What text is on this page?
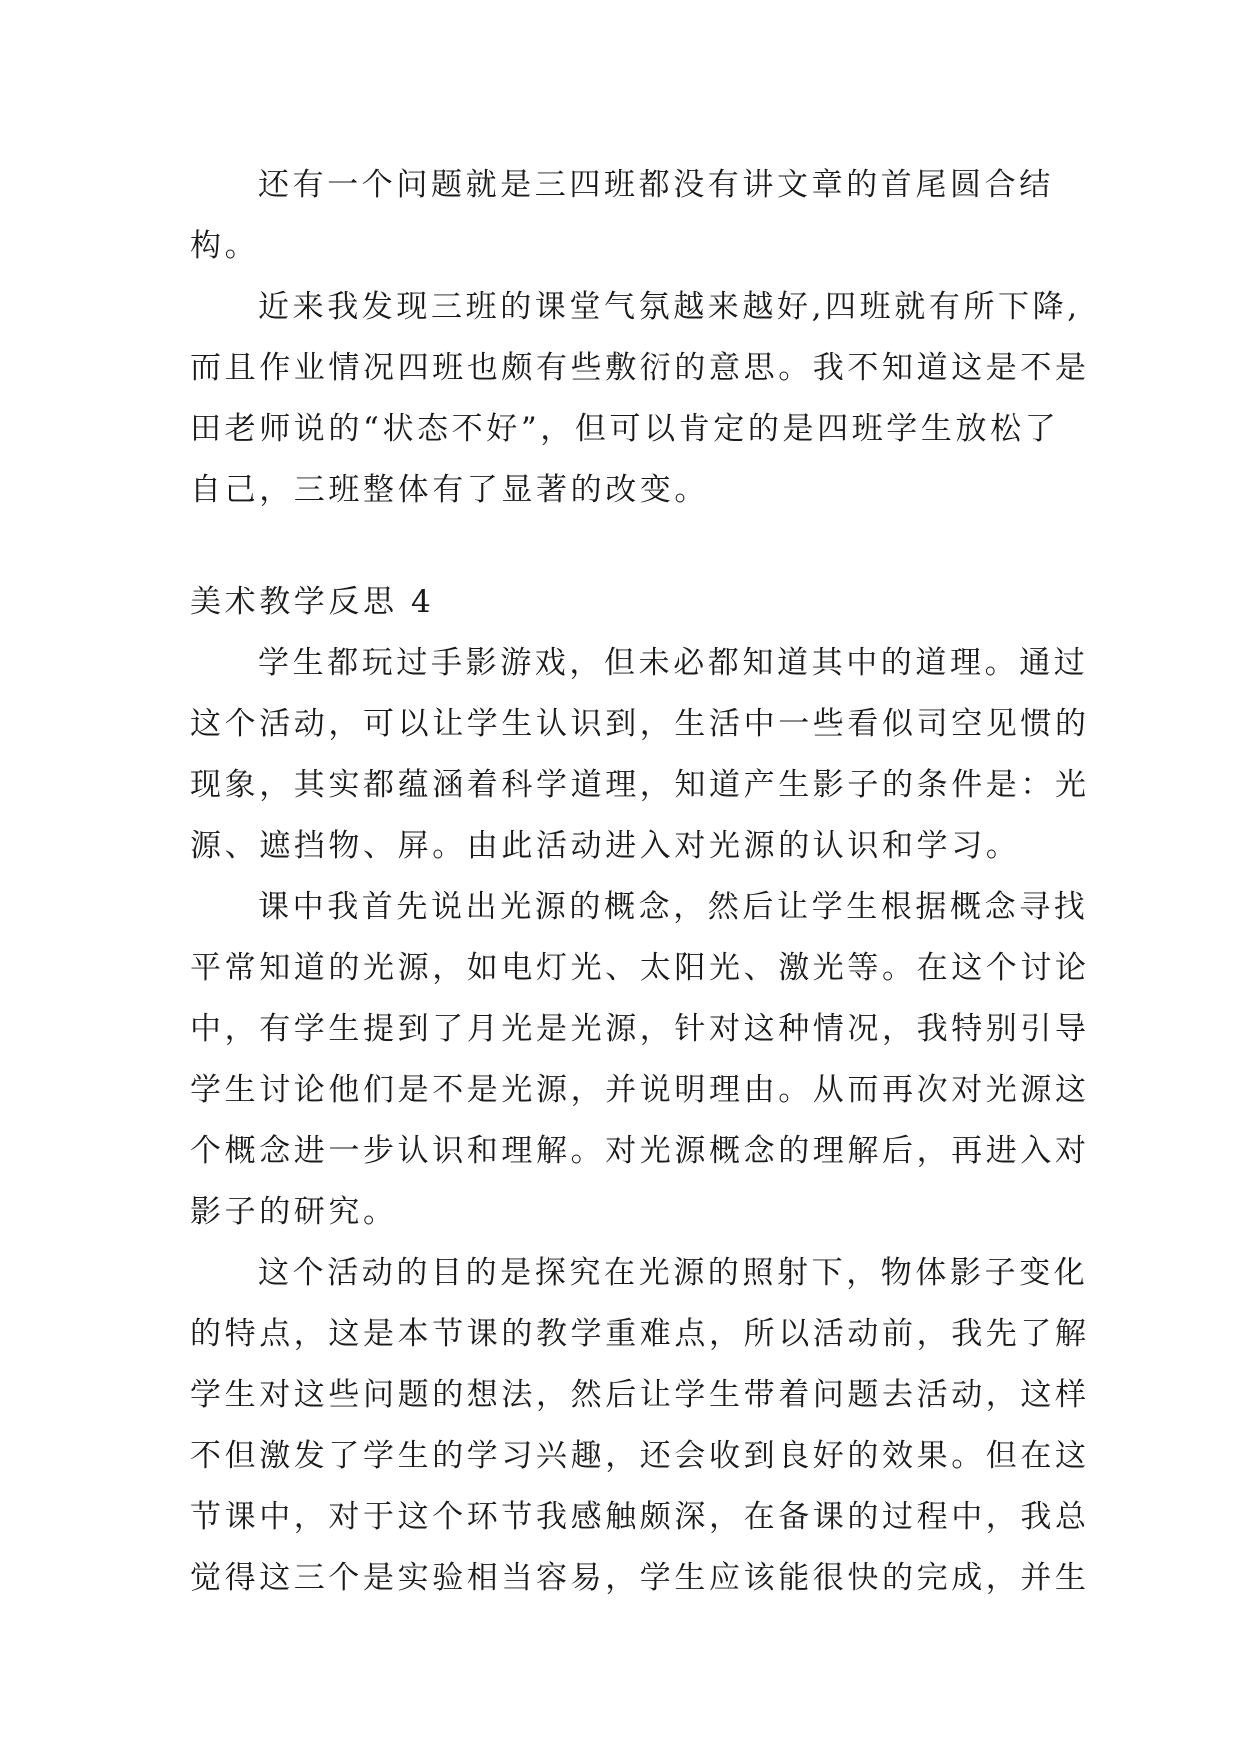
还有一个问题就是三四班都没有讲文章的首尾圆合结
构。
近来我发现三班的课堂气氛越来越好,四班就有所下降,
而且作业情况四班也颇有些敷衍的意思。我不知道这是不是
田老师说的“状态不好”，但可以肯定的是四班学生放松了
自己，三班整体有了显著的改变。
美术教学反思 4
学生都玩过手影游戏，但未必都知道其中的道理。通过
这个活动，可以让学生认识到，生活中一些看似司空见惯的
现象，其实都蕴涵着科学道理，知道产生影子的条件是：光
源、遮挡物、屏。由此活动进入对光源的认识和学习。
课中我首先说出光源的概念，然后让学生根据概念寻找
平常知道的光源，如电灯光、太阳光、激光等。在这个讨论
中，有学生提到了月光是光源，针对这种情况，我特别引导
学生讨论他们是不是光源，并说明理由。从而再次对光源这
个概念进一步认识和理解。对光源概念的理解后，再进入对
影子的研究。
这个活动的目的是探究在光源的照射下，物体影子变化
的特点，这是本节课的教学重难点，所以活动前，我先了解
学生对这些问题的想法，然后让学生带着问题去活动，这样
不但激发了学生的学习兴趣，还会收到良好的效果。但在这
节课中，对于这个环节我感触颇深，在备课的过程中，我总
觉得这三个是实验相当容易，学生应该能很快的完成，并生
